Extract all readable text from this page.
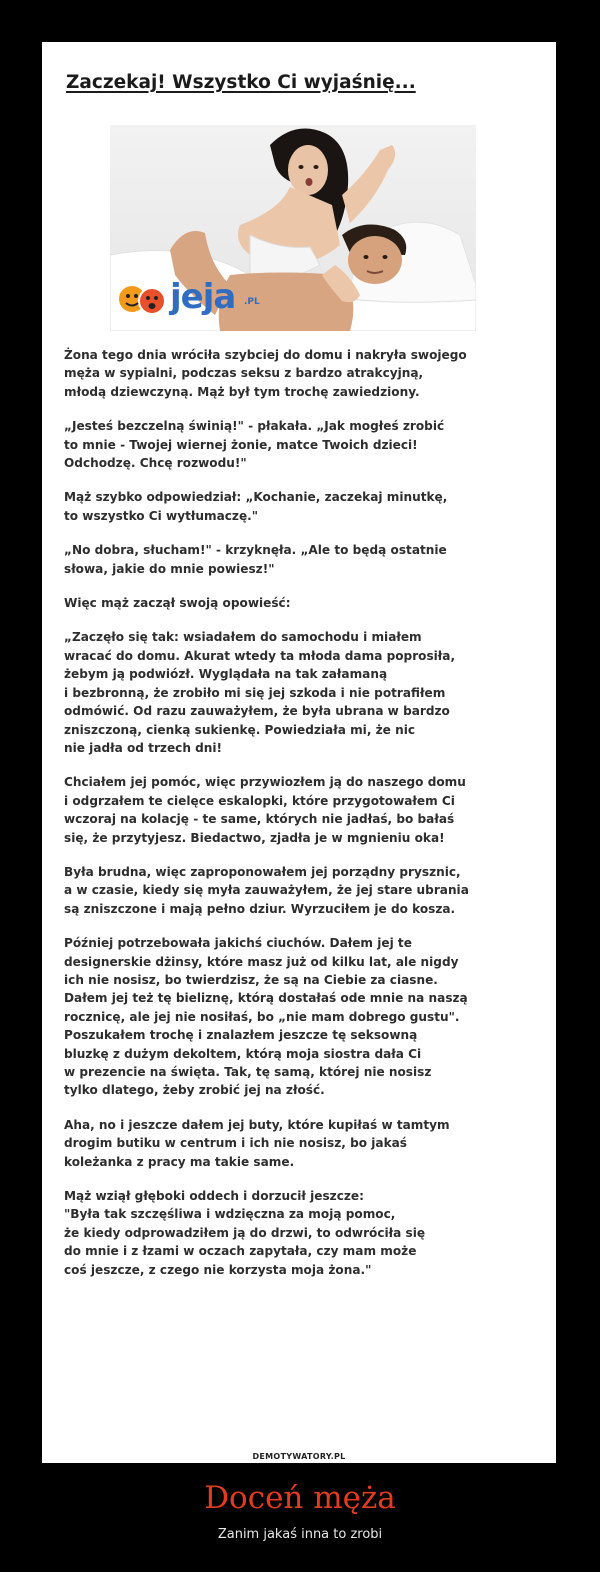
Zaczekaj! Wszystko Ci wyjaśnię...
jeja .PL

Żona tego dnia wróciła szybciej do domu i nakryła swojego
męża w sypialni, podczas seksu z bardzo atrakcyjną,
młodą dziewczyną. Mąż był tym trochę zawiedziony.

„Jesteś bezczelną świnią!" - płakała. „Jak mogłeś zrobić
to mnie - Twojej wiernej żonie, matce Twoich dzieci!
Odchodzę. Chcę rozwodu!"

Mąż szybko odpowiedział: „Kochanie, zaczekaj minutkę,
to wszystko Ci wytłumaczę."

„No dobra, słucham!" - krzyknęła. „Ale to będą ostatnie
słowa, jakie do mnie powiesz!"

Więc mąż zaczął swoją opowieść:

„Zaczęło się tak: wsiadałem do samochodu i miałem
wracać do domu. Akurat wtedy ta młoda dama poprosiła,
żebym ją podwiózł. Wyglądała na tak załamaną
i bezbronną, że zrobiło mi się jej szkoda i nie potrafiłem
odmówić. Od razu zauważyłem, że była ubrana w bardzo
zniszczoną, cienką sukienkę. Powiedziała mi, że nic
nie jadła od trzech dni!

Chciałem jej pomóc, więc przywiozłem ją do naszego domu
i odgrzałem te cielęce eskalopki, które przygotowałem Ci
wczoraj na kolację - te same, których nie jadłaś, bo bałaś
się, że przytyjesz. Biedactwo, zjadła je w mgnieniu oka!

Była brudna, więc zaproponowałem jej porządny prysznic,
a w czasie, kiedy się myła zauważyłem, że jej stare ubrania
są zniszczone i mają pełno dziur. Wyrzuciłem je do kosza.

Później potrzebowała jakichś ciuchów. Dałem jej te
designerskie dżinsy, które masz już od kilku lat, ale nigdy
ich nie nosisz, bo twierdzisz, że są na Ciebie za ciasne.
Dałem jej też tę bieliznę, którą dostałaś ode mnie na naszą
rocznicę, ale jej nie nosiłaś, bo „nie mam dobrego gustu".
Poszukałem trochę i znalazłem jeszcze tę seksowną
bluzkę z dużym dekoltem, którą moja siostra dała Ci
w prezencie na święta. Tak, tę samą, której nie nosisz
tylko dlatego, żeby zrobić jej na złość.

Aha, no i jeszcze dałem jej buty, które kupiłaś w tamtym
drogim butiku w centrum i ich nie nosisz, bo jakaś
koleżanka z pracy ma takie same.

Mąż wziął głęboki oddech i dorzucił jeszcze:
"Była tak szczęśliwa i wdzięczna za moją pomoc,
że kiedy odprowadziłem ją do drzwi, to odwróciła się
do mnie i z łzami w oczach zapytała, czy mam może
coś jeszcze, z czego nie korzysta moja żona."

DEMOTYWATORY.PL
Doceń męża
Zanim jakaś inna to zrobi
